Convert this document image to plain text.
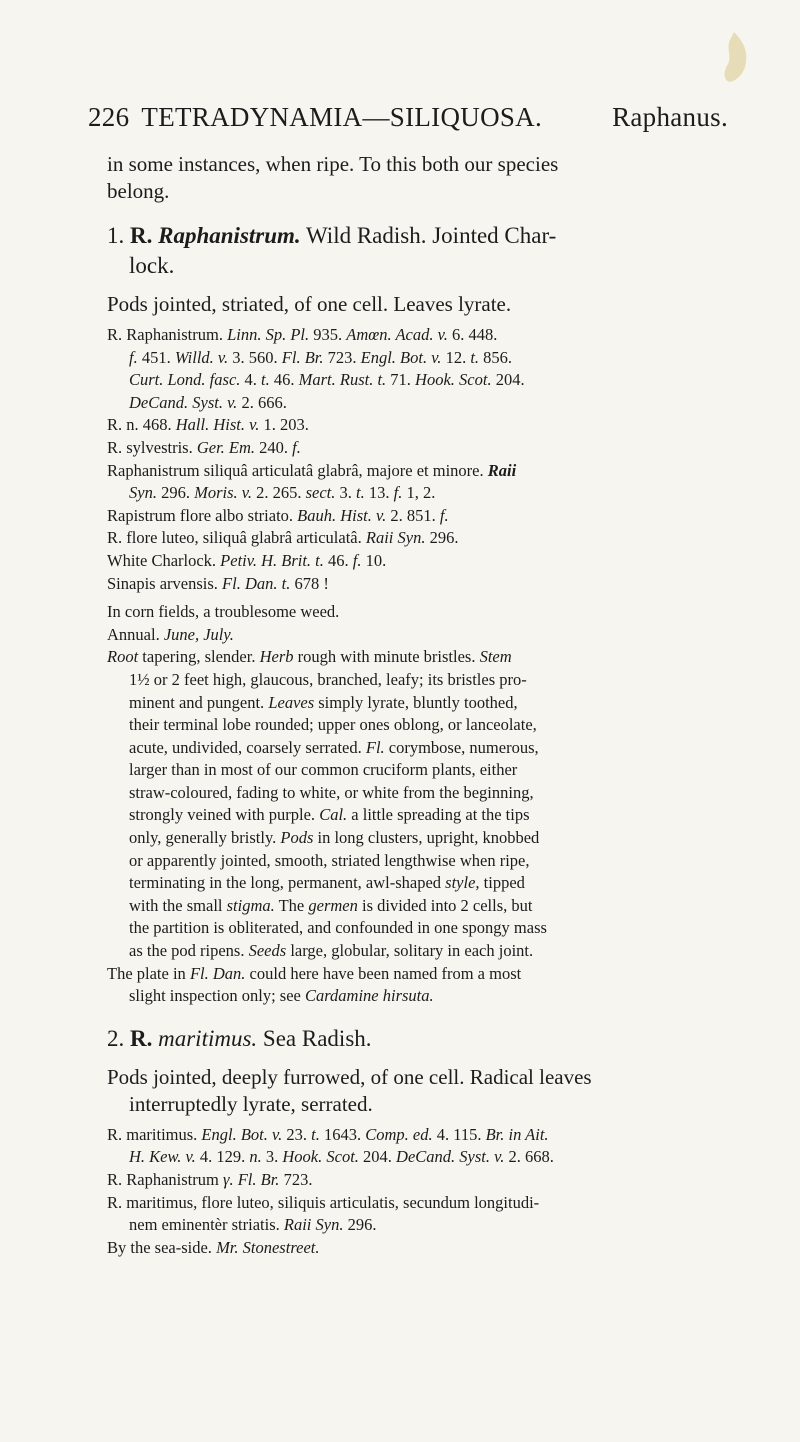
226 TETRADYNAMIA—SILIQUOSA.	Raphanus.
in some instances, when ripe. To this both our species
belong.
1. R. Raphanistrum. Wild Radish. Jointed Char-
lock.
Pods jointed, striated, of one cell. Leaves lyrate.
R. Raphanistrum. Linn. Sp. Pl. 935. Amœn. Acad. v. 6. 448.
f. 451. Willd. v. 3. 560. Fl. Br. 723. Engl. Bot. v. 12. t. 856.
Curt. Lond. fasc. 4. t. 46. Mart. Rust. t. 71. Hook. Scot. 204.
DeCand. Syst. v. 2. 666.
R. n. 468. Hall. Hist. v. 1. 203.
R. sylvestris. Ger. Em. 240. f.
Raphanistrum siliquâ articulatâ glabrâ, majore et minore. Raii
Syn. 296. Moris. v. 2. 265. sect. 3. t. 13. f. 1, 2.
Rapistrum flore albo striato. Bauh. Hist. v. 2. 851. f.
R. flore luteo, siliquâ glabrâ articulatâ. Raii Syn. 296.
White Charlock. Petiv. H. Brit. t. 46. f. 10.
Sinapis arvensis. Fl. Dan. t. 678 !
In corn fields, a troublesome weed.
Annual. June, July.
Root tapering, slender. Herb rough with minute bristles. Stem
1½ or 2 feet high, glaucous, branched, leafy; its bristles pro-
minent and pungent. Leaves simply lyrate, bluntly toothed,
their terminal lobe rounded; upper ones oblong, or lanceolate,
acute, undivided, coarsely serrated. Fl. corymbose, numerous,
larger than in most of our common cruciform plants, either
straw-coloured, fading to white, or white from the beginning,
strongly veined with purple. Cal. a little spreading at the tips
only, generally bristly. Pods in long clusters, upright, knobbed
or apparently jointed, smooth, striated lengthwise when ripe,
terminating in the long, permanent, awl-shaped style, tipped
with the small stigma. The germen is divided into 2 cells, but
the partition is obliterated, and confounded in one spongy mass
as the pod ripens. Seeds large, globular, solitary in each joint.
The plate in Fl. Dan. could here have been named from a most
slight inspection only; see Cardamine hirsuta.
2. R. maritimus. Sea Radish.
Pods jointed, deeply furrowed, of one cell. Radical leaves
interruptedly lyrate, serrated.
R. maritimus. Engl. Bot. v. 23. t. 1643. Comp. ed. 4. 115. Br. in Ait.
H. Kew. v. 4. 129. n. 3. Hook. Scot. 204. DeCand. Syst. v. 2. 668.
R. Raphanistrum γ. Fl. Br. 723.
R. maritimus, flore luteo, siliquis articulatis, secundum longitudi-
nem eminentèr striatis. Raii Syn. 296.
By the sea-side. Mr. Stonestreet.
